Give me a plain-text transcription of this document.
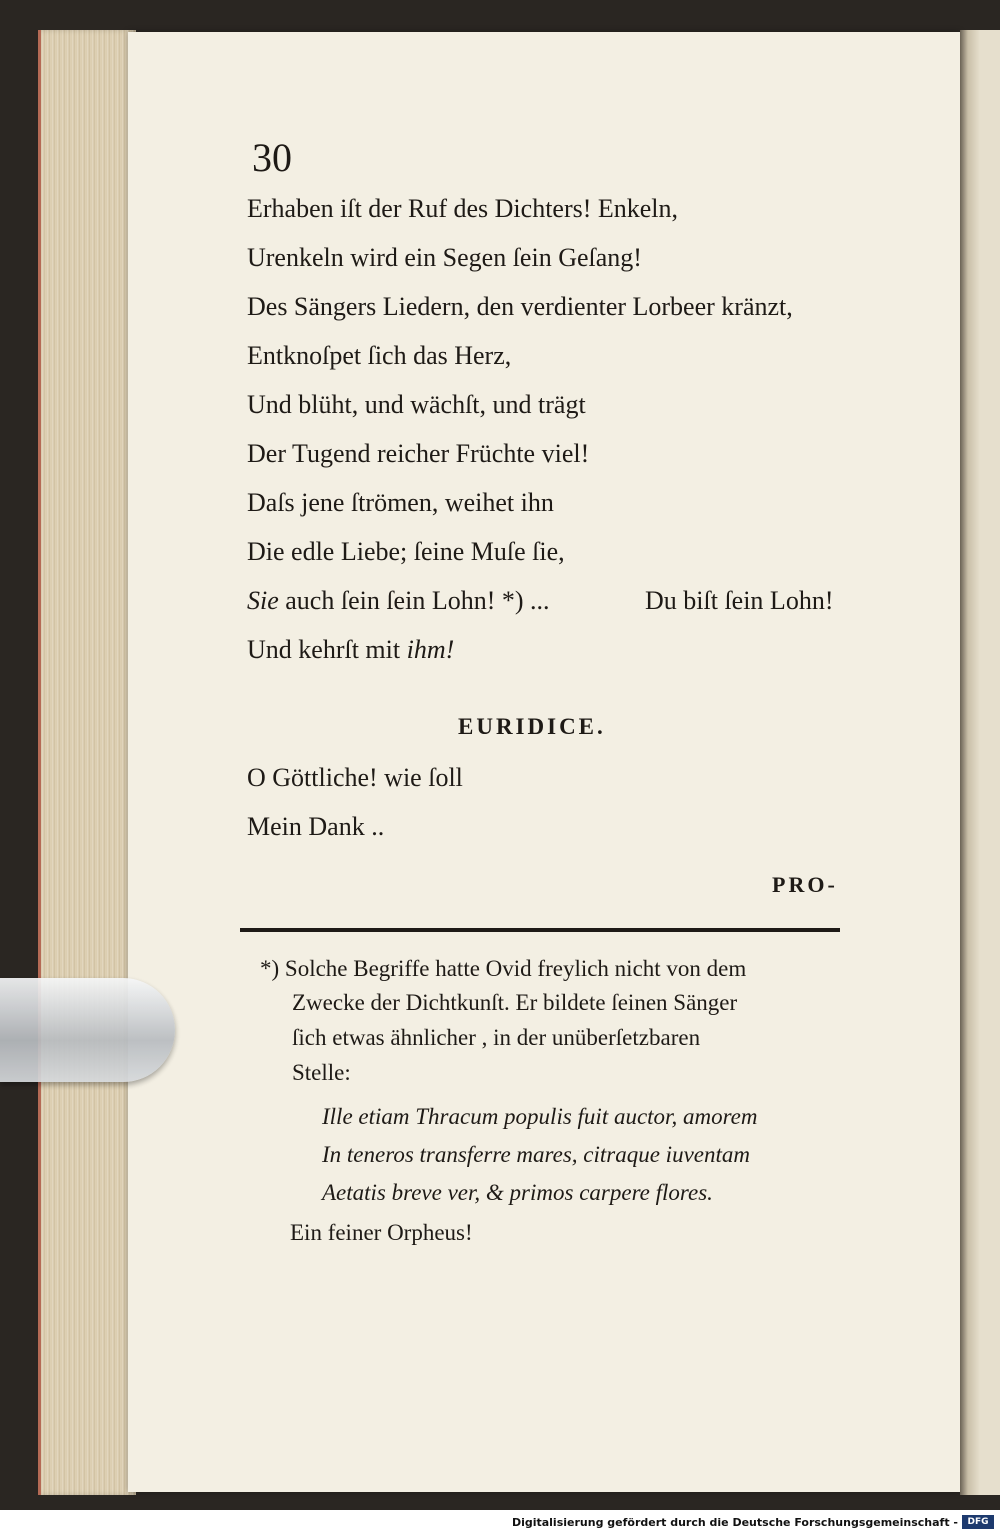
30
Erhaben iſt der Ruf des Dichters! Enkeln,
Urenkeln wird ein Segen ſein Geſang!
Des Sängers Liedern, den verdienter Lorbeer kränzt,
Entknoſpet ſich das Herz,
Und blüht, und wächſt, und trägt
Der Tugend reicher Früchte viel!
Daſs jene ſtrömen, weihet ihn
Die edle Liebe; ſeine Muſe ſie,
Sie auch ſein ſein Lohn! *) ...	Du biſt ſein Lohn!
Und kehrſt mit ihm!
EURIDICE.
O Göttliche! wie ſoll
Mein Dank ..
PRO-
*) Solche Begriffe hatte Ovid freylich nicht von dem
Zwecke der Dichtkunſt. Er bildete ſeinen Sänger
ſich etwas ähnlicher , in der unüberſetzbaren
Stelle:
Ille etiam Thracum populis fuit auctor, amorem
In teneros transferre mares, citraque iuventam
Aetatis breve ver, & primos carpere flores.
Ein feiner Orpheus!
Digitalisierung gefördert durch die Deutsche Forschungsgemeinschaft -	DFG
